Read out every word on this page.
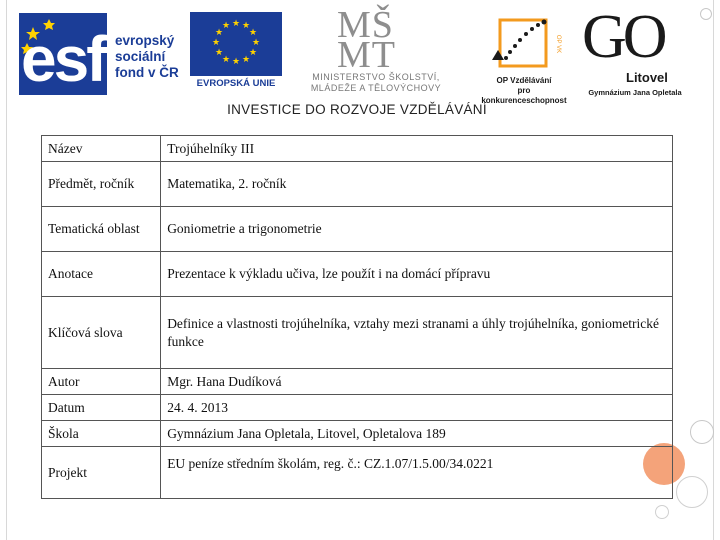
esf evropský
sociální
fond v ČR
★ ★
★
★
★
★
★
★
★
★
★
★
EVROPSKÁ UNIE
MŠ
MT
MINISTERSTVO ŠKOLSTVÍ,
MLÁDEŽE A TĚLOVÝCHOVY
OP VK
OP Vzdělávání
pro konkurenceschopnost
GO
Litovel
Gymnázium Jana Opletala
INVESTICE DO ROZVOJE VZDĚLÁVÁNÍ
Název	Trojúhelníky III
Předmět, ročník	Matematika, 2. ročník
Tematická oblast	Goniometrie a trigonometrie
Anotace	Prezentace k výkladu učiva, lze použít i na domácí přípravu
Klíčová slova	Definice a vlastnosti trojúhelníka, vztahy mezi stranami a úhly trojúhelníka, goniometrické funkce
Autor	Mgr. Hana Dudíková
Datum	24. 4. 2013
Škola	Gymnázium Jana Opletala, Litovel, Opletalova 189
Projekt	EU peníze středním školám, reg. č.: CZ.1.07/1.5.00/34.0221
